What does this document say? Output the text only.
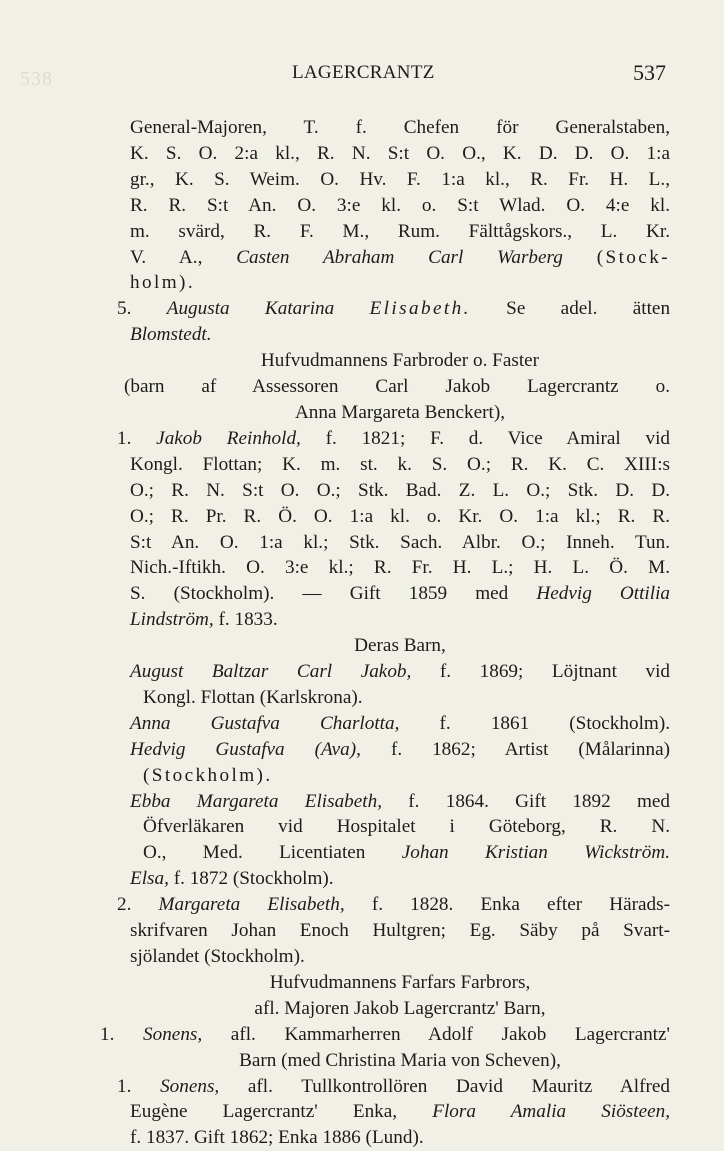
538	LAGERCRANTZ	537
General-Majoren, T. f. Chefen för Generalstaben,
K. S. O. 2:a kl., R. N. S:t O. O., K. D. D. O. 1:a
gr., K. S. Weim. O. Hv. F. 1:a kl., R. Fr. H. L.,
R. R. S:t An. O. 3:e kl. o. S:t Wlad. O. 4:e kl.
m. svärd, R. F. M., Rum. Fälttågskors., L. Kr.
V. A., Casten Abraham Carl Warberg (Stock-
holm).
5. Augusta Katarina Elisabeth. Se adel. ätten
Blomstedt.
Hufvudmannens Farbroder o. Faster
(barn af Assessoren Carl Jakob Lagercrantz o.
Anna Margareta Benckert),
1. Jakob Reinhold, f. 1821; F. d. Vice Amiral vid
Kongl. Flottan; K. m. st. k. S. O.; R. K. C. XIII:s
O.; R. N. S:t O. O.; Stk. Bad. Z. L. O.; Stk. D. D.
O.; R. Pr. R. Ö. O. 1:a kl. o. Kr. O. 1:a kl.; R. R.
S:t An. O. 1:a kl.; Stk. Sach. Albr. O.; Inneh. Tun.
Nich.-Iftikh. O. 3:e kl.; R. Fr. H. L.; H. L. Ö. M.
S. (Stockholm). — Gift 1859 med Hedvig Ottilia
Lindström, f. 1833.
Deras Barn,
August Baltzar Carl Jakob, f. 1869; Löjtnant vid
Kongl. Flottan (Karlskrona).
Anna Gustafva Charlotta, f. 1861 (Stockholm).
Hedvig Gustafva (Ava), f. 1862; Artist (Målarinna)
(Stockholm).
Ebba Margareta Elisabeth, f. 1864. Gift 1892 med
Öfverläkaren vid Hospitalet i Göteborg, R. N.
O., Med. Licentiaten Johan Kristian Wickström.
Elsa, f. 1872 (Stockholm).
2. Margareta Elisabeth, f. 1828. Enka efter Härads-
skrifvaren Johan Enoch Hultgren; Eg. Säby på Svart-
sjölandet (Stockholm).
Hufvudmannens Farfars Farbrors,
afl. Majoren Jakob Lagercrantz' Barn,
1. Sonens, afl. Kammarherren Adolf Jakob Lagercrantz'
Barn (med Christina Maria von Scheven),
1. Sonens, afl. Tullkontrollören David Mauritz Alfred
Eugène Lagercrantz' Enka, Flora Amalia Siösteen,
f. 1837. Gift 1862; Enka 1886 (Lund).
